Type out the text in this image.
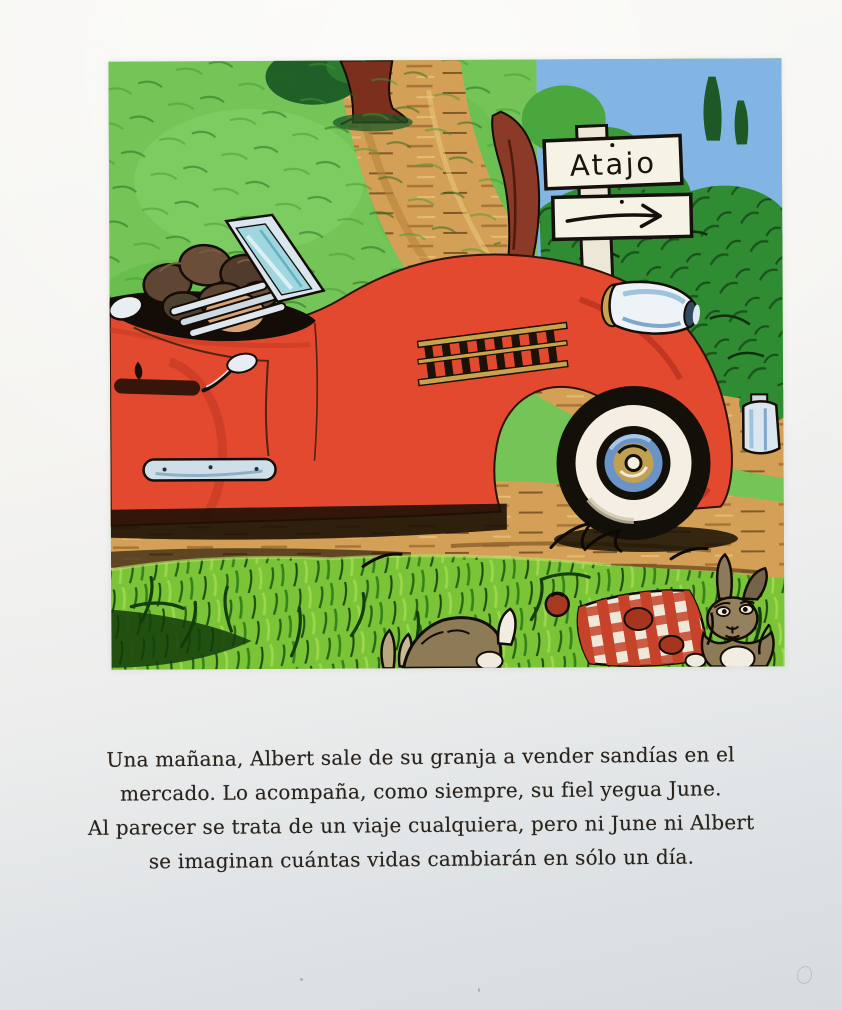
Atajo
Una mañana, Albert sale de su granja a vender sandías en el
mercado. Lo acompaña, como siempre, su fiel yegua June.
Al parecer se trata de un viaje cualquiera, pero ni June ni Albert
se imaginan cuántas vidas cambiarán en sólo un día.
